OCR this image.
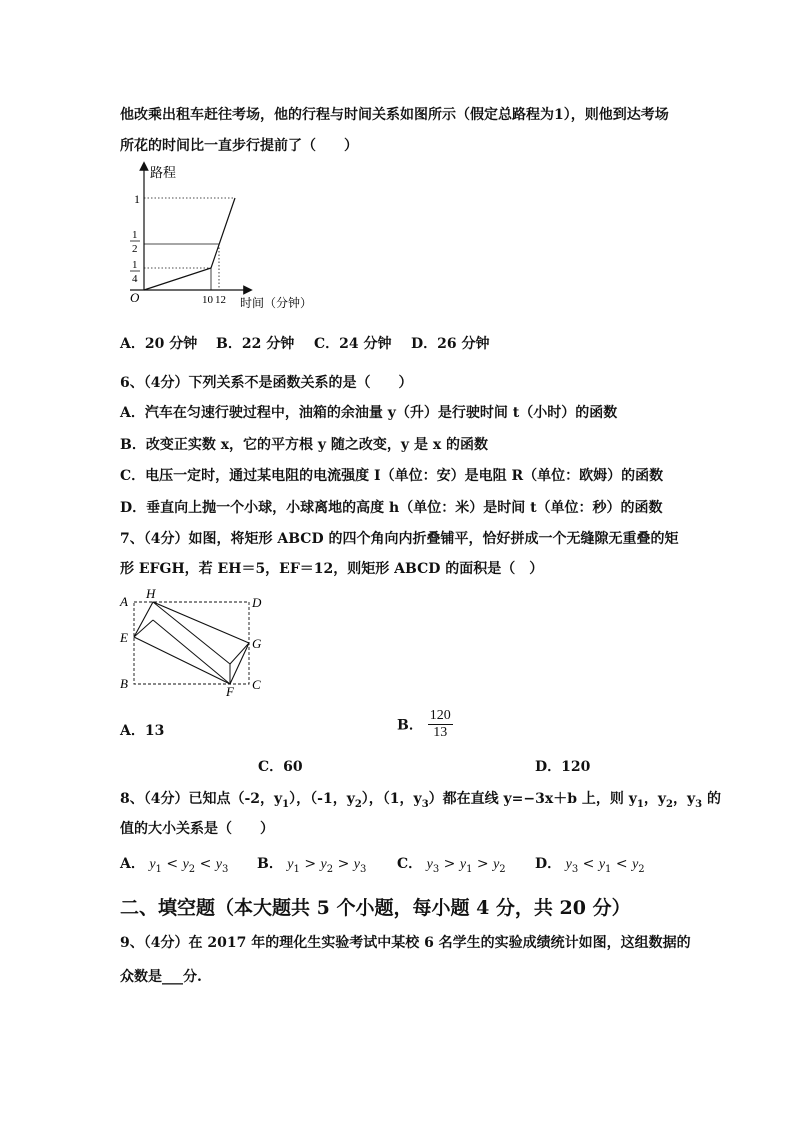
他改乘出租车赶往考场，他的行程与时间关系如图所示（假定总路程为1），则他到达考场
所花的时间比一直步行提前了（　　）
路程
时间（分钟）
O
1
1
2
1
4
10 12
A．20 分钟 B．22 分钟 C．24 分钟 D．26 分钟
6、（4分）下列关系不是函数关系的是（　　）
A．汽车在匀速行驶过程中，油箱的余油量 y（升）是行驶时间 t（小时）的函数
B．改变正实数 x，它的平方根 y 随之改变，y 是 x 的函数
C．电压一定时，通过某电阻的电流强度 I（单位：安）是电阻 R（单位：欧姆）的函数
D．垂直向上抛一个小球，小球离地的高度 h（单位：米）是时间 t（单位：秒）的函数
7、（4分）如图，将矩形 ABCD 的四个角向内折叠铺平，恰好拼成一个无缝隙无重叠的矩
形 EFGH，若 EH＝5，EF＝12，则矩形 ABCD 的面积是（　）
A
H
D
E	G
B
F C
A．13	B． $\frac{120}{13}$
C．60	D．120
8、（4分）已知点（-2，$y_1$），（-1，$y_2$），（1，$y_3$）都在直线 y=−3x＋b 上，则 $y_1$，$y_2$，$y_3$ 的
值的大小关系是（　　）
A． $y_1 < y_2 < y_3$ B． $y_1 > y_2 > y_3$ C． $y_3 > y_1 > y_2$ D． $y_3 < y_1 < y_2$
二、填空题（本大题共 5 个小题，每小题 4 分，共 20 分）
9、（4分）在 2017 年的理化生实验考试中某校 6 名学生的实验成绩统计如图，这组数据的
众数是___分.
